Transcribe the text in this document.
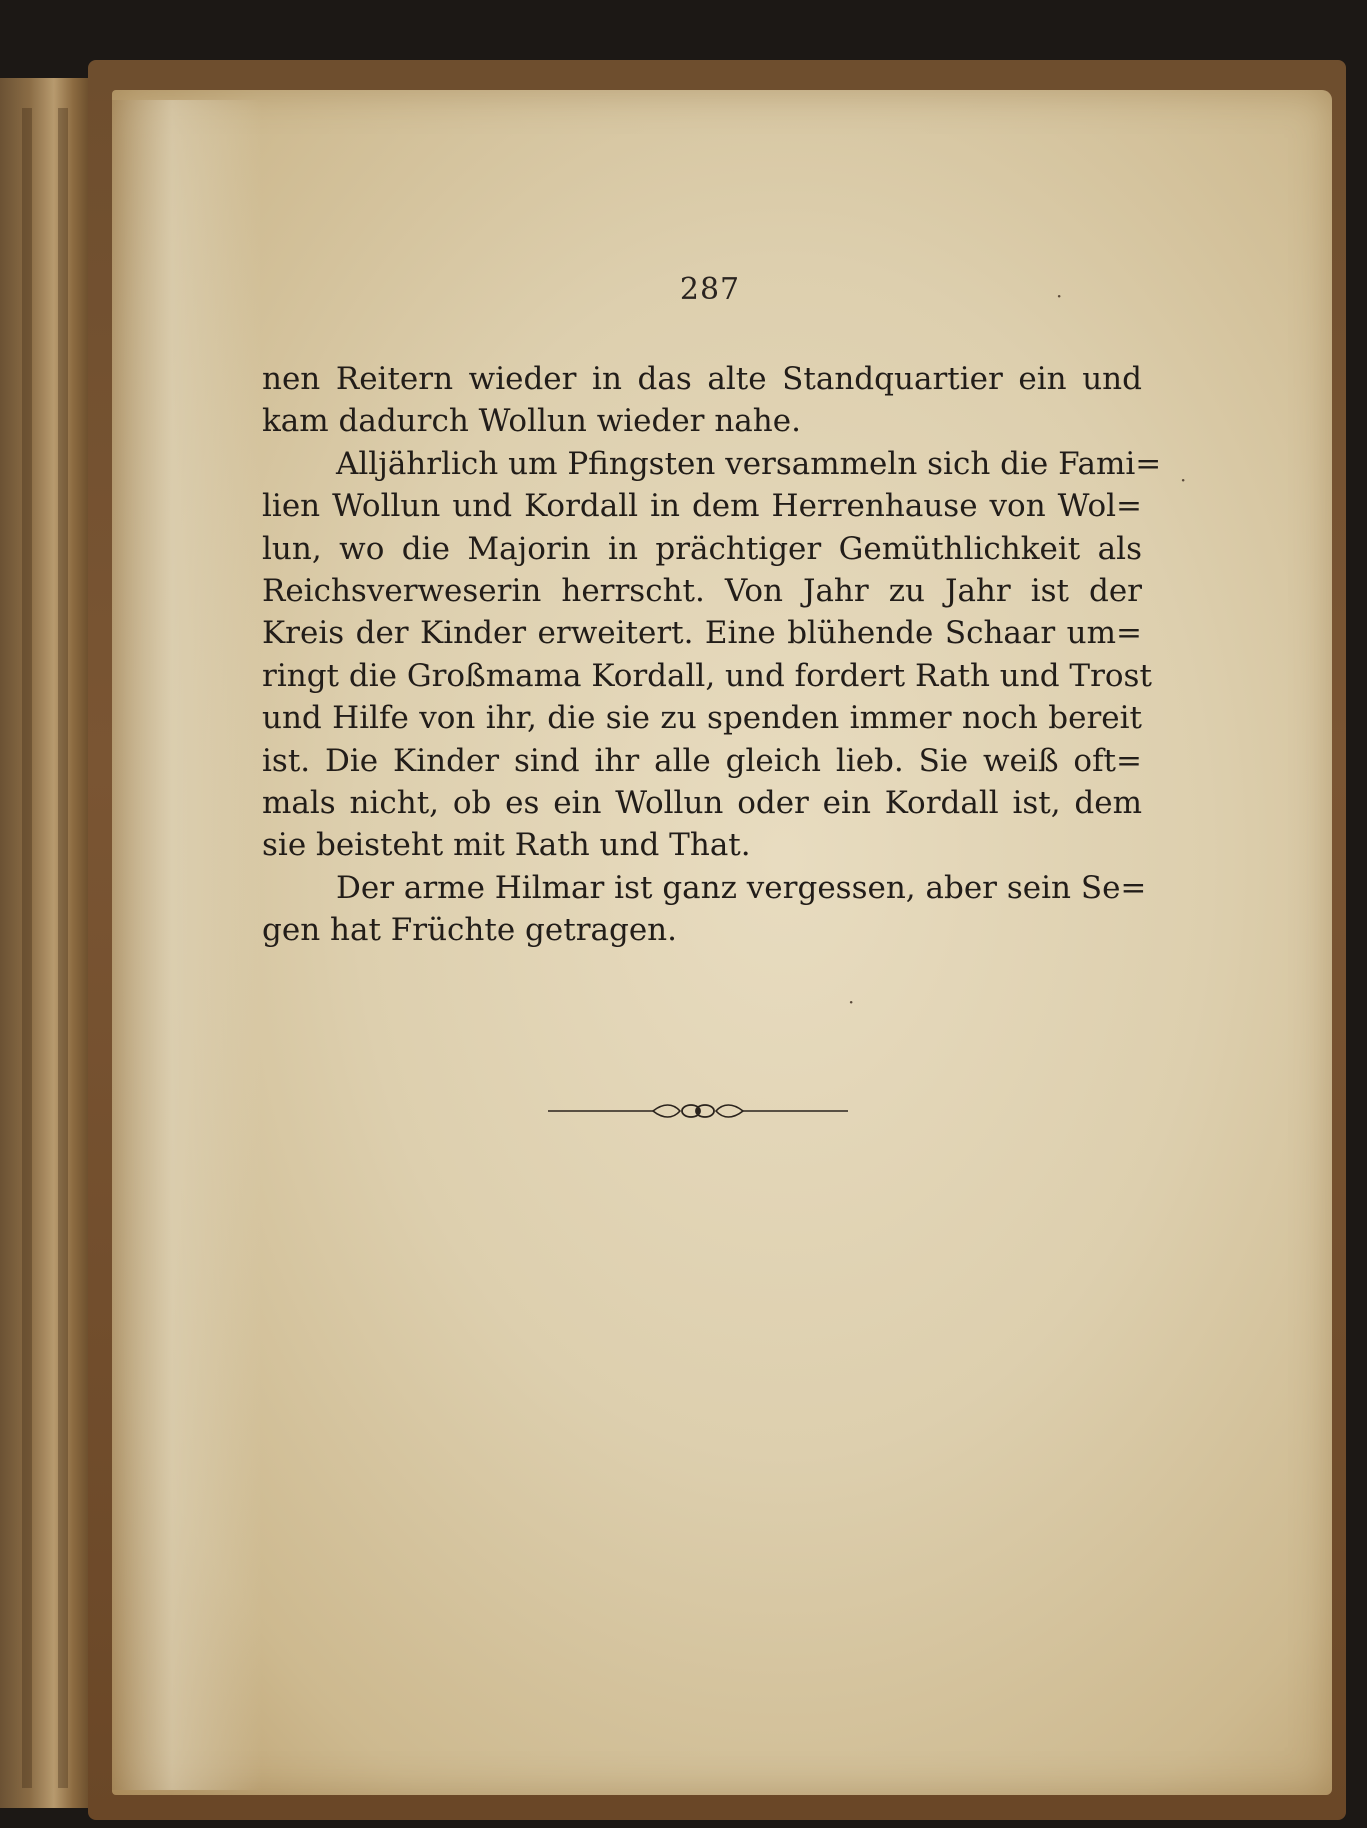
287
nen Reitern wieder in das alte Standquartier ein und
kam dadurch Wollun wieder nahe.
Alljährlich um Pfingsten versammeln sich die Fami=
lien Wollun und Kordall in dem Herrenhause von Wol=
lun, wo die Majorin in prächtiger Gemüthlichkeit als
Reichsverweserin herrscht. Von Jahr zu Jahr ist der
Kreis der Kinder erweitert. Eine blühende Schaar um=
ringt die Großmama Kordall, und fordert Rath und Trost
und Hilfe von ihr, die sie zu spenden immer noch bereit
ist. Die Kinder sind ihr alle gleich lieb. Sie weiß oft=
mals nicht, ob es ein Wollun oder ein Kordall ist, dem
sie beisteht mit Rath und That.
Der arme Hilmar ist ganz vergessen, aber sein Se=
gen hat Früchte getragen.
·
·
·
